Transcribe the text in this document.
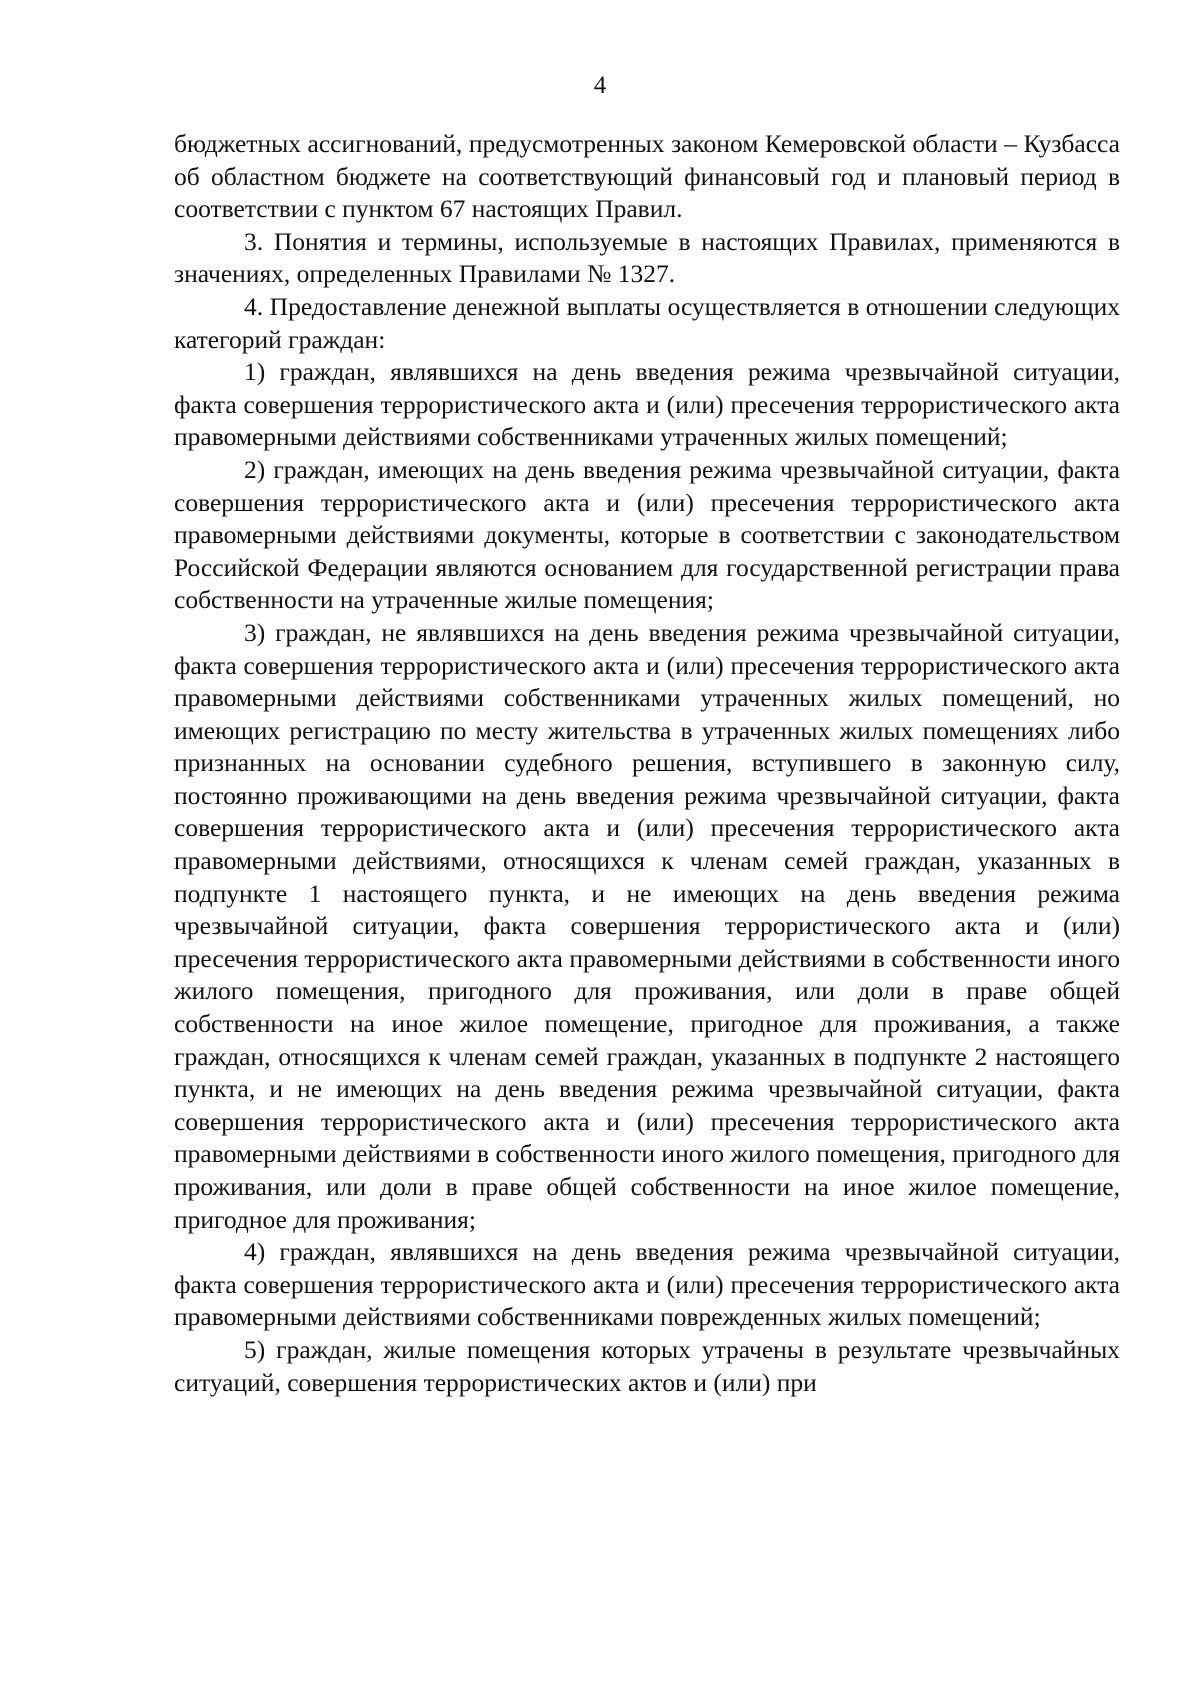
4

бюджетных ассигнований, предусмотренных законом Кемеровской области – Кузбасса об областном бюджете на соответствующий финансовый год и плановый период в соответствии с пунктом 67 настоящих Правил.

3. Понятия и термины, используемые в настоящих Правилах, применяются в значениях, определенных Правилами № 1327.

4. Предоставление денежной выплаты осуществляется в отношении следующих категорий граждан:

1) граждан, являвшихся на день введения режима чрезвычайной ситуации, факта совершения террористического акта и (или) пресечения террористического акта правомерными действиями собственниками утраченных жилых помещений;

2) граждан, имеющих на день введения режима чрезвычайной ситуации, факта совершения террористического акта и (или) пресечения террористического акта правомерными действиями документы, которые в соответствии с законодательством Российской Федерации являются основанием для государственной регистрации права собственности на утраченные жилые помещения;

3) граждан, не являвшихся на день введения режима чрезвычайной ситуации, факта совершения террористического акта и (или) пресечения террористического акта правомерными действиями собственниками утраченных жилых помещений, но имеющих регистрацию по месту жительства в утраченных жилых помещениях либо признанных на основании судебного решения, вступившего в законную силу, постоянно проживающими на день введения режима чрезвычайной ситуации, факта совершения террористического акта и (или) пресечения террористического акта правомерными действиями, относящихся к членам семей граждан, указанных в подпункте 1 настоящего пункта, и не имеющих на день введения режима чрезвычайной ситуации, факта совершения террористического акта и (или) пресечения террористического акта правомерными действиями в собственности иного жилого помещения, пригодного для проживания, или доли в праве общей собственности на иное жилое помещение, пригодное для проживания, а также граждан, относящихся к членам семей граждан, указанных в подпункте 2 настоящего пункта, и не имеющих на день введения режима чрезвычайной ситуации, факта совершения террористического акта и (или) пресечения террористического акта правомерными действиями в собственности иного жилого помещения, пригодного для проживания, или доли в праве общей собственности на иное жилое помещение, пригодное для проживания;

4) граждан, являвшихся на день введения режима чрезвычайной ситуации, факта совершения террористического акта и (или) пресечения террористического акта правомерными действиями собственниками поврежденных жилых помещений;

5) граждан, жилые помещения которых утрачены в результате чрезвычайных ситуаций, совершения террористических актов и (или) при
